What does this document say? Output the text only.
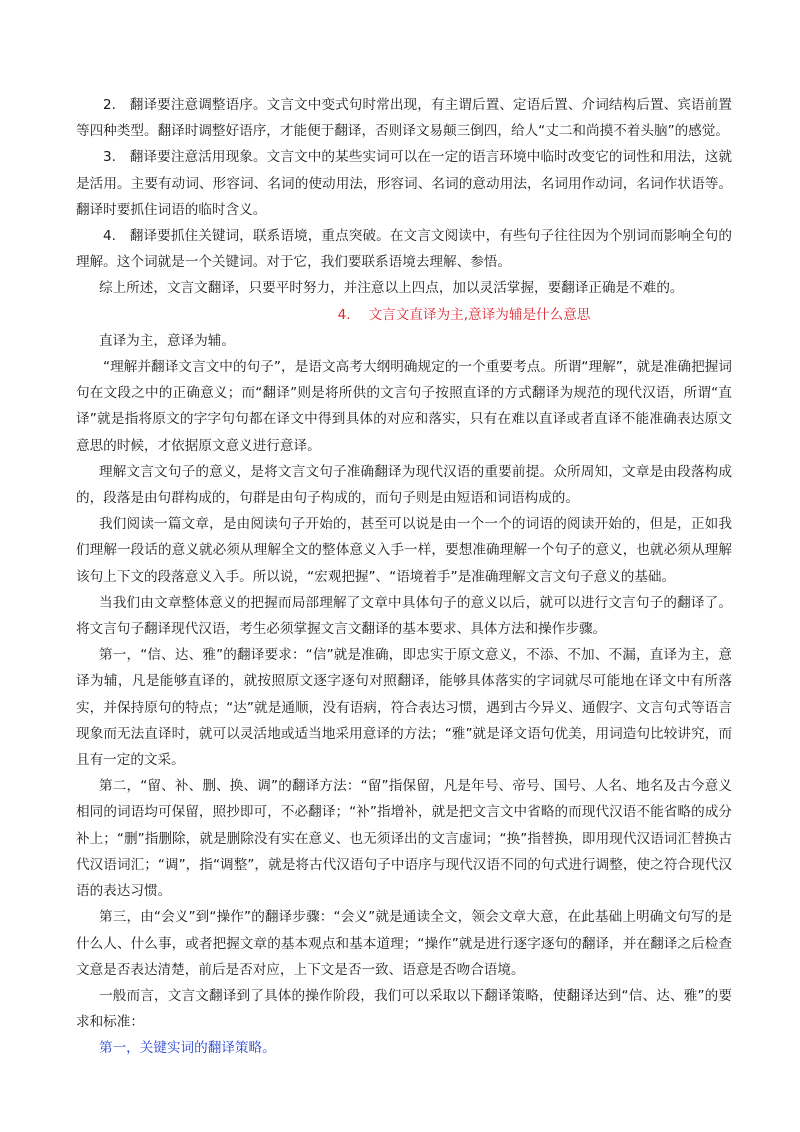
2.　翻译要注意调整语序。文言文中变式句时常出现，有主谓后置、定语后置、介词结构后置、宾语前置等四种类型。翻译时调整好语序，才能便于翻译，否则译文易颠三倒四，给人“丈二和尚摸不着头脑”的感觉。

3.　翻译要注意活用现象。文言文中的某些实词可以在一定的语言环境中临时改变它的词性和用法，这就是活用。主要有动词、形容词、名词的使动用法，形容词、名词的意动用法，名词用作动词，名词作状语等。翻译时要抓住词语的临时含义。

4.　翻译要抓住关键词，联系语境，重点突破。在文言文阅读中，有些句子往往因为个别词而影响全句的理解。这个词就是一个关键词。对于它，我们要联系语境去理解、参悟。

综上所述，文言文翻译，只要平时努力，并注意以上四点，加以灵活掌握，要翻译正确是不难的。

4. 文言文直译为主,意译为辅是什么意思

直译为主，意译为辅。

“理解并翻译文言文中的句子”，是语文高考大纲明确规定的一个重要考点。所谓“理解”，就是准确把握词句在文段之中的正确意义；而“翻译”则是将所供的文言句子按照直译的方式翻译为规范的现代汉语，所谓“直译”就是指将原文的字字句句都在译文中得到具体的对应和落实，只有在难以直译或者直译不能准确表达原文意思的时候，才依据原文意义进行意译。

理解文言文句子的意义，是将文言文句子准确翻译为现代汉语的重要前提。众所周知，文章是由段落构成的，段落是由句群构成的，句群是由句子构成的，而句子则是由短语和词语构成的。

我们阅读一篇文章，是由阅读句子开始的，甚至可以说是由一个一个的词语的阅读开始的，但是，正如我们理解一段话的意义就必须从理解全文的整体意义入手一样，要想准确理解一个句子的意义，也就必须从理解该句上下文的段落意义入手。所以说，“宏观把握”、“语境着手”是准确理解文言文句子意义的基础。

当我们由文章整体意义的把握而局部理解了文章中具体句子的意义以后，就可以进行文言句子的翻译了。将文言句子翻译现代汉语，考生必须掌握文言文翻译的基本要求、具体方法和操作步骤。

第一，“信、达、雅”的翻译要求：“信”就是准确，即忠实于原文意义，不添、不加、不漏，直译为主，意译为辅，凡是能够直译的，就按照原文逐字逐句对照翻译，能够具体落实的字词就尽可能地在译文中有所落实，并保持原句的特点；“达”就是通顺，没有语病，符合表达习惯，遇到古今异义、通假字、文言句式等语言现象而无法直译时，就可以灵活地或适当地采用意译的方法；“雅”就是译文语句优美，用词造句比较讲究，而且有一定的文采。

第二，“留、补、删、换、调”的翻译方法：“留”指保留，凡是年号、帝号、国号、人名、地名及古今意义相同的词语均可保留，照抄即可，不必翻译；“补”指增补，就是把文言文中省略的而现代汉语不能省略的成分补上；“删”指删除，就是删除没有实在意义、也无须译出的文言虚词；“换”指替换，即用现代汉语词汇替换古代汉语词汇；“调”，指“调整”，就是将古代汉语句子中语序与现代汉语不同的句式进行调整，使之符合现代汉语的表达习惯。

第三，由“会义”到“操作”的翻译步骤：“会义”就是通读全文，领会文章大意，在此基础上明确文句写的是什么人、什么事，或者把握文章的基本观点和基本道理；“操作”就是进行逐字逐句的翻译，并在翻译之后检查文意是否表达清楚，前后是否对应，上下文是否一致、语意是否吻合语境。

一般而言，文言文翻译到了具体的操作阶段，我们可以采取以下翻译策略，使翻译达到“信、达、雅”的要求和标准：

第一，关键实词的翻译策略。
